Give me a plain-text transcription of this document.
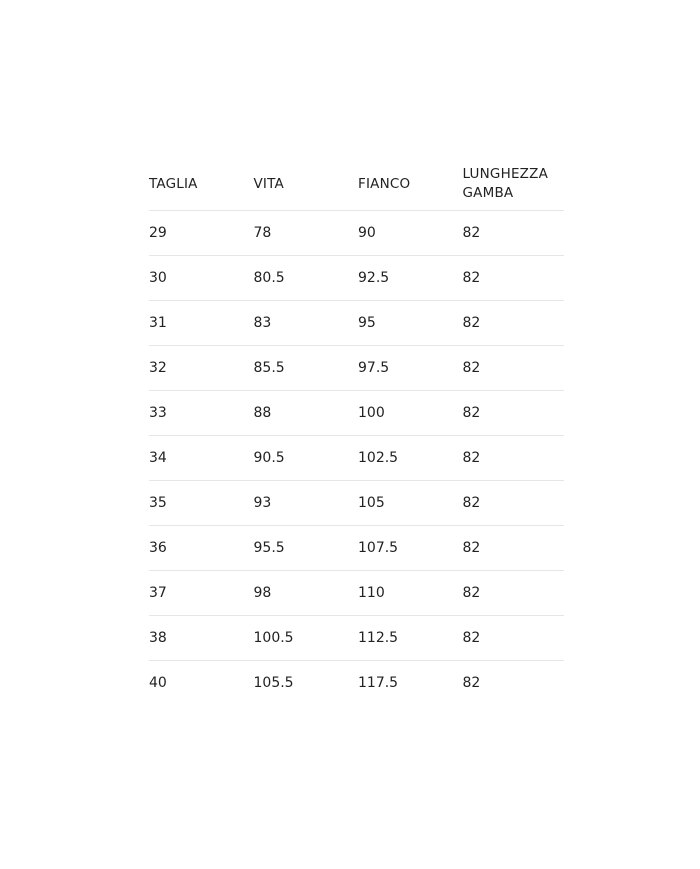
TAGLIA	VITA	FIANCO	LUNGHEZZA GAMBA

29	78	90	82
30	80.5	92.5	82
31	83	95	82
32	85.5	97.5	82
33	88	100	82
34	90.5	102.5	82
35	93	105	82
36	95.5	107.5	82
37	98	110	82
38	100.5	112.5	82
40	105.5	117.5	82
